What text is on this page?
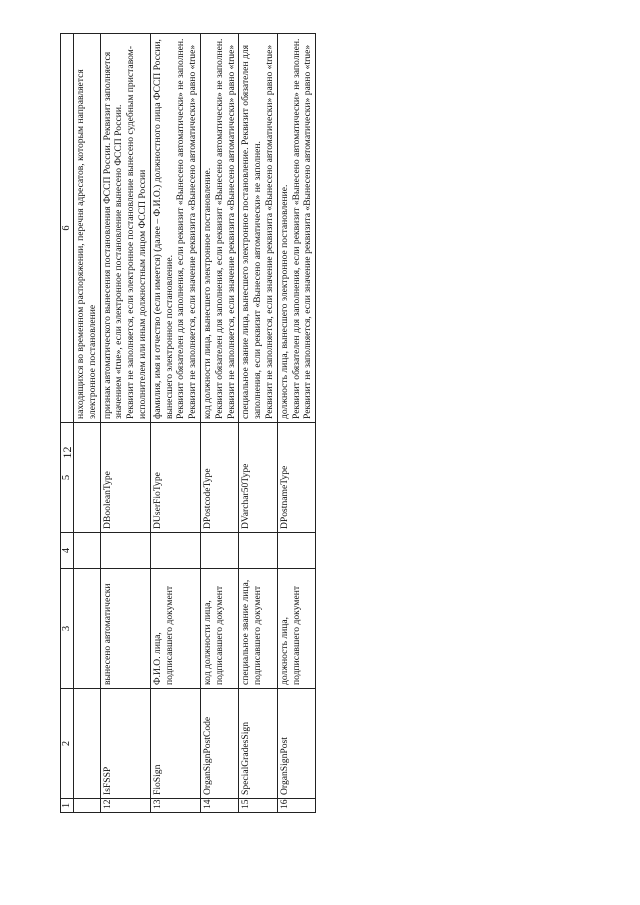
12
1	2	3	4	5	6

					находящихся во временном распоряжении, перечня адресатов, которым направляется электронное постановление

12	IsFSSP	вынесено автоматически		DBooleanType	признак автоматического вынесения постановления ФССП России. Реквизит заполняется значением «true», если электронное постановление вынесено ФССП России. Реквизит не заполняется, если электронное постановление вынесено судебным приставом-исполнителем или иным должностным лицом ФССП России

13	FioSign	Ф.И.О. лица, подписавшего документ		DUserFioType	фамилия, имя и отчество (если имеется) (далее – Ф.И.О.) должностного лица ФССП России, вынесшего электронное постановление. Реквизит обязателен для заполнения, если реквизит «Вынесено автоматически» не заполнен. Реквизит не заполняется, если значение реквизита «Вынесено автоматически» равно «true»

14	OrganSignPostCode	код должности лица, подписавшего документ		DPostcodeType	код должности лица, вынесшего электронное постановление. Реквизит обязателен для заполнения, если реквизит «Вынесено автоматически» не заполнен. Реквизит не заполняется, если значение реквизита «Вынесено автоматически» равно «true»

15	SpecialGradesSign	специальное звание лица, подписавшего документ		DVarchar50Type	специальное звание лица, вынесшего электронное постановление. Реквизит обязателен для заполнения, если реквизит «Вынесено автоматически» не заполнен. Реквизит не заполняется, если значение реквизита «Вынесено автоматически» равно «true»

16	OrganSignPost	должность лица, подписавшего документ		DPostnameType	должность лица, вынесшего электронное постановление. Реквизит обязателен для заполнения, если реквизит «Вынесено автоматически» не заполнен. Реквизит не заполняется, если значение реквизита «Вынесено автоматически» равно «true»
